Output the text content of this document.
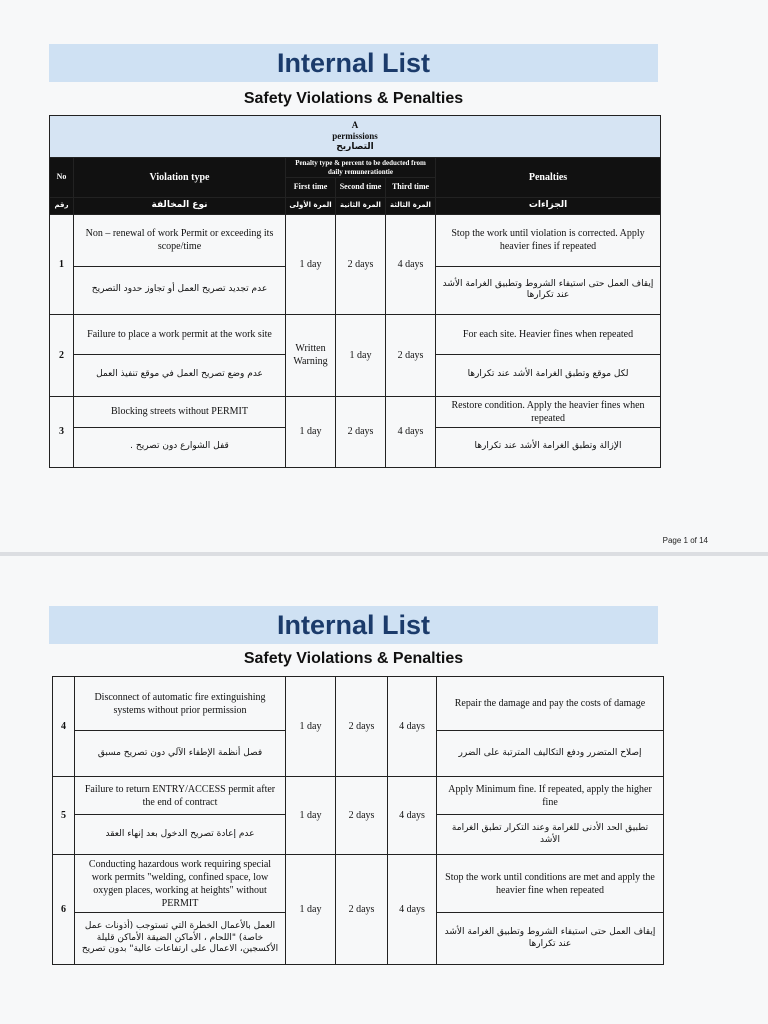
Internal List
Safety Violations & Penalties
A
permissions
التصاريح					

No	Violation type	Penalty type & percent to be deducted from daily remunerationtie			Penalties
		First time	Second time	Third time	
رقم	نوع المخالفة	المرة الأولى	المرة الثانية	المرة الثالثة	الجزاءات
1	Non – renewal of work Permit or exceeding its scope/time	1 day	2 days	4 days	Stop the work until violation is corrected. Apply heavier fines if repeated
	عدم تجديد تصريح العمل أو تجاوز حدود التصريح				إيقاف العمل حتى استيفاء الشروط وتطبيق الغرامة الأشد عند تكرارها
2	Failure to place a work permit at the work site	Written Warning	1 day	2 days	For each site. Heavier fines when repeated
	عدم وضع تصريح العمل في موقع تنفيذ العمل				لكل موقع وتطبق الغرامة الأشد عند تكرارها
3	Blocking streets without PERMIT	1 day	2 days	4 days	Restore condition. Apply the heavier fines when repeated
	قفل الشوارع دون تصريح .				الإزالة وتطبق الغرامة الأشد عند تكرارها
Page 1 of 14
Internal List
Safety Violations & Penalties
4	Disconnect of automatic fire extinguishing systems without prior permission	1 day	2 days	4 days	Repair the damage and pay the costs of damage
	فصل أنظمة الإطفاء الآلي دون تصريح مسبق				إصلاح المتضرر ودفع التكاليف المترتبة على الضرر
5	Failure to return ENTRY/ACCESS permit after the end of contract	1 day	2 days	4 days	Apply Minimum fine. If repeated, apply the higher fine
	عدم إعادة تصريح الدخول بعد إنهاء العقد				تطبيق الحد الأدنى للغرامة وعند التكرار تطبق الغرامة الأشد
6	Conducting hazardous work requiring special work permits "welding, confined space, low oxygen places, working at heights" without PERMIT	1 day	2 days	4 days	Stop the work until conditions are met and apply the heavier fine when repeated
	العمل بالأعمال الخطرة التي تستوجب (أذونات عمل خاصة) "اللحام ، الأماكن الضيقة الأماكن قليلة الأكسجين، الاعمال على ارتفاعات عالية" بدون تصريح				إيقاف العمل حتى استيفاء الشروط وتطبيق الغرامة الأشد عند تكرارها
